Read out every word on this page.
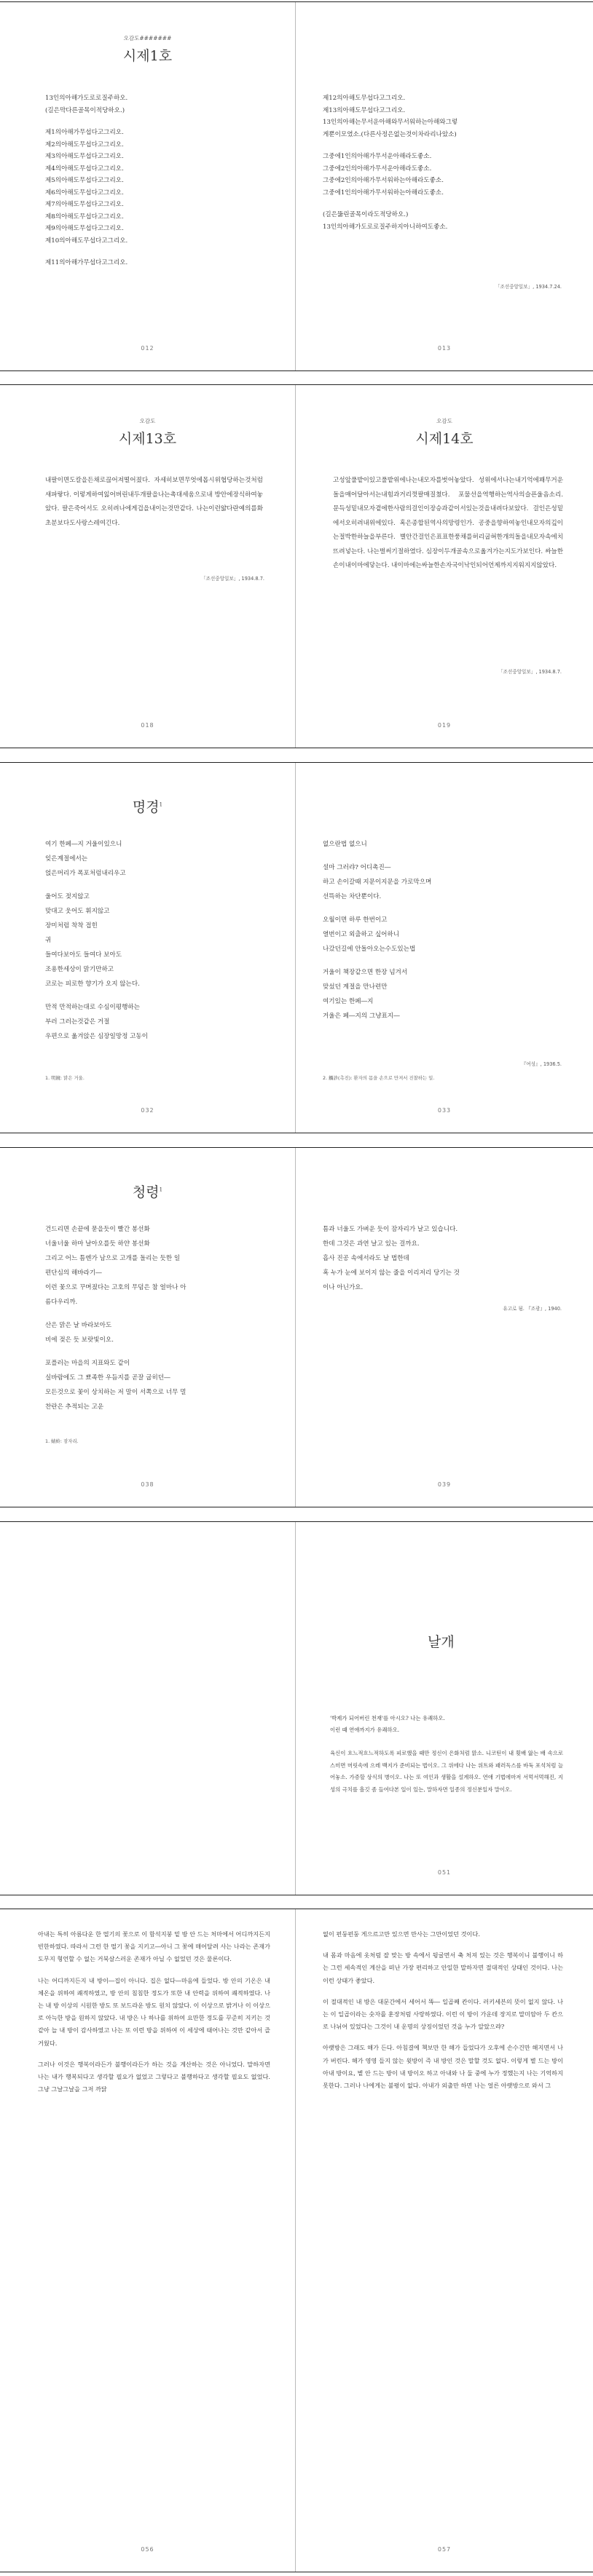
오감도#######
시제1호
13인의아해가도로로질주하오.
(길은막다른골목이적당하오.)
제1의아해가무섭다고그리오.
제2의아해도무섭다고그리오.
제3의아해도무섭다고그리오.
제4의아해도무섭다고그리오.
제5의아해도무섭다고그리오.
제6의아해도무섭다고그리오.
제7의아해도무섭다고그리오.
제8의아해도무섭다고그리오.
제9의아해도무섭다고그리오.
제10의아해도무섭다고그리오.
제11의아해가무섭다고그리오.
012
제12의아해도무섭다고그리오.
제13의아해도무섭다고그리오.
13인의아해는무서운아해와무서워하는아해와그렇
게뿐이모였소.(다른사정은없는것이차라리나았소)
그중에1인의아해가무서운아해라도좋소.
그중에2인의아해가무서운아해라도좋소.
그중에2인의아해가무서워하는아해라도좋소.
그중에1인의아해가무서워하는아해라도좋소.
(길은뚫린골목이라도적당하오.)
13인의아해가도로로질주하지아니하여도좋소.
「조선중앙일보」, 1934.7.24.
013
오감도
시제13호
내팔이면도칼을든채로끊어져떨어졌다. 자세히보면무엇에몹시위협당하는것처럼새파랗다. 이렇게하여잃어버린내두개팔을나는촉대세움으로내 방안에장식하여놓았다. 팔은죽어서도 오히려나에게겁을내이는것만같다. 나는이런얇다란예의를화초분보다도사랑스레여긴다.
「조선중앙일보」, 1934.8.7.
018
오감도
시제14호
고성앞풀밭이있고풀밭위에나는내모자를벗어놓았다. 성위에서나는내기억에꽤무거운돌을매어달아서는내힘과거리껏팔매질쳤다. 포물선을역행하는역사의슬픈울음소리. 문득성밑내모자곁에한사람의걸인이장승과같이서있는것을내려다보았다. 걸인은성밑에서오히려내위에있다. 혹은종합된역사의망령인가. 공중을향하여놓인내모자의깊이는절박한하늘을부른다. 별안간걸인은표표한풍채를허리굽혀한개의돌을내모자속에치뜨려넣는다. 나는벌써기절하였다. 심장이두개골속으로옮겨가는지도가보인다. 싸늘한손이내이마에닿는다. 내이마에는싸늘한손자국이낙인되어언제까지지워지지않았다.
「조선중앙일보」, 1934.8.7.
019
명경$^1$
여기 한페―지 거울이있으니
잊은계절에서는
얹은머리가 폭포처럼내리우고
울어도 젖지않고
맞대고 웃어도 휘지않고
장미처럼 착착 접힌
귀
들여다보아도 들여다 보아도
조용한세상이 맑기만하고
코로는 피로한 향기가 오지 않는다.
만적 만적하는대로 수심이평행하는
부러 그러는것같은 거절
우편으로 옮겨앉은 심장일망정 고동이
1. 明鏡: 맑은 거울.
032
없으란법 없으니
설마 그러랴? 어디촉진―
하고 손이갈때 지문이지문을 가로막으며
선뜩하는 차단뿐이다.
오월이면 하루 한번이고
열번이고 외출하고 싶어하니
나갔던길에 안돌아오는수도있는법
거울이 책장같으면 한장 넘겨서
맞섰던 계절을 만나련만
여기있는 한페―지
거울은 페―지의 그냥표지―
『여성』, 1936.5.
2. 觸診(촉진): 환자의 몸을 손으로 만져서 진찰하는 일.
033
청령$^1$
건드리면 손끝에 묻을듯이 빨간 봉선화
너울너울 하마 날아오를듯 하얀 봉선화
그리고 어느 틈엔가 남으로 고개를 돌리는 듯한 일
편단심의 해바라기―
이런 꽃으로 꾸며졌다는 고호의 무덤은 참 얼마나 아
름다우리까.
산은 맑은 날 바라보아도
비에 젖은 듯 보랏빛이오.
포플러는 마을의 지표와도 같이
실바람에도 그 뾰족한 우듬지를 곧잘 굽히던―
모든것으로 꽃이 상치하는 저 말이 서쪽으로 너무 멀
찬란은 추적되는 고운
1. 蜻蛉: 잠자리.
038
틈과 너울도 가벼운 듯이 잠자리가 날고 있습니다.
한데 그것은 과연 날고 있는 걸까요.
흡사 진공 속에서라도 날 법한데
혹 누가 눈에 보이지 않는 줄을 이리저리 당기는 것
이나 아닌가요.
유고로 됨. 『조광』, 1940.
039
050
날개
'박제가 되어버린 천재'를 아시오? 나는 유쾌하오.
이런 때 연애까지가 유쾌하오.
육신이 흐느적흐느적하도록 피로했을 때만 정신이 은화처럼 맑소. 니코틴이 내 횟배 앓는 배 속으로 스미면 머릿속에 으레 백지가 준비되는 법이오. 그 위에다 나는 위트와 패러독스를 바둑 포석처럼 늘어놓소. 가증할 상식의 병이오. 나는 또 여인과 생활을 설계하오. 연애 기법에마저 서먹서먹해진, 지성의 극치를 흘깃 좀 들여다본 일이 있는, 말하자면 일종의 정신분일자 말이오.
051

아내는 특히 아름다운 한 떨기의 꽃으로 이 함석지붕 밑 방 안 드는 처마에서 어디까지든지 빈한하였다. 따라서 그런 한 떨기 꽃을 지키고―아니 그 꽃에 매어달려 사는 나라는 존재가 도무지 형언할 수 없는 거북살스러운 존재가 아닐 수 없었던 것은 물론이다.

나는 어디까지든지 내 방이―집이 아니다. 집은 없다―마음에 들었다. 방 안의 기온은 내 체온을 위하여 쾌적하였고, 방 안의 침침한 정도가 또한 내 안력을 위하여 쾌적하였다. 나는 내 방 이상의 시원한 방도 또 보드라운 방도 원치 않았다. 이 이상으로 밝거나 이 이상으로 아늑한 방을 원하지 않았다. 내 방은 나 하나를 위하여 요만한 정도를 꾸준히 지키는 것 같아 늘 내 방이 감사하였고 나는 또 이런 방을 위하여 이 세상에 태어나는 것만 같아서 즐거웠다.

그러나 이것은 행복이라든가 불행이라든가 하는 것을 계산하는 것은 아니었다. 말하자면 나는 내가 행복되다고 생각할 필요가 없었고 그렇다고 불행하다고 생각할 필요도 없었다. 그냥 그날그날을 그저 까닭

056

없이 펀둥펀둥 게으르고만 있으면 만사는 그만이었던 것이다.

내 몸과 마음에 옷처럼 잘 맞는 방 속에서 뒹굴면서 축 처져 있는 것은 행복이니 불행이니 하는 그런 세속적인 계산을 떠난 가장 편리하고 안일한 말하자면 절대적인 상태인 것이다. 나는 이런 상태가 좋았다.

이 절대적인 내 방은 대문간에서 세어서 똑― 일곱째 칸이다. 러키세븐의 뜻이 없지 않다. 나는 이 일곱이라는 숫자를 훈장처럼 사랑하였다. 이런 이 방이 가운데 장지로 말미암아 두 칸으로 나뉘어 있었다는 그것이 내 운명의 상징이었던 것을 누가 알았으랴?

아랫방은 그래도 해가 든다. 아침결에 책보만 한 해가 들었다가 오후에 손수건만 해지면서 나가 버린다. 해가 영영 들지 않는 윗방이 즉 내 방인 것은 말할 것도 없다. 이렇게 볕 드는 방이 아내 방이요, 볕 안 드는 방이 내 방이오 하고 아내와 나 둘 중에 누가 정했는지 나는 기억하지 못한다. 그러나 나에게는 불평이 없다. 아내가 외출만 하면 나는 얼른 아랫방으로 와서 그

057
